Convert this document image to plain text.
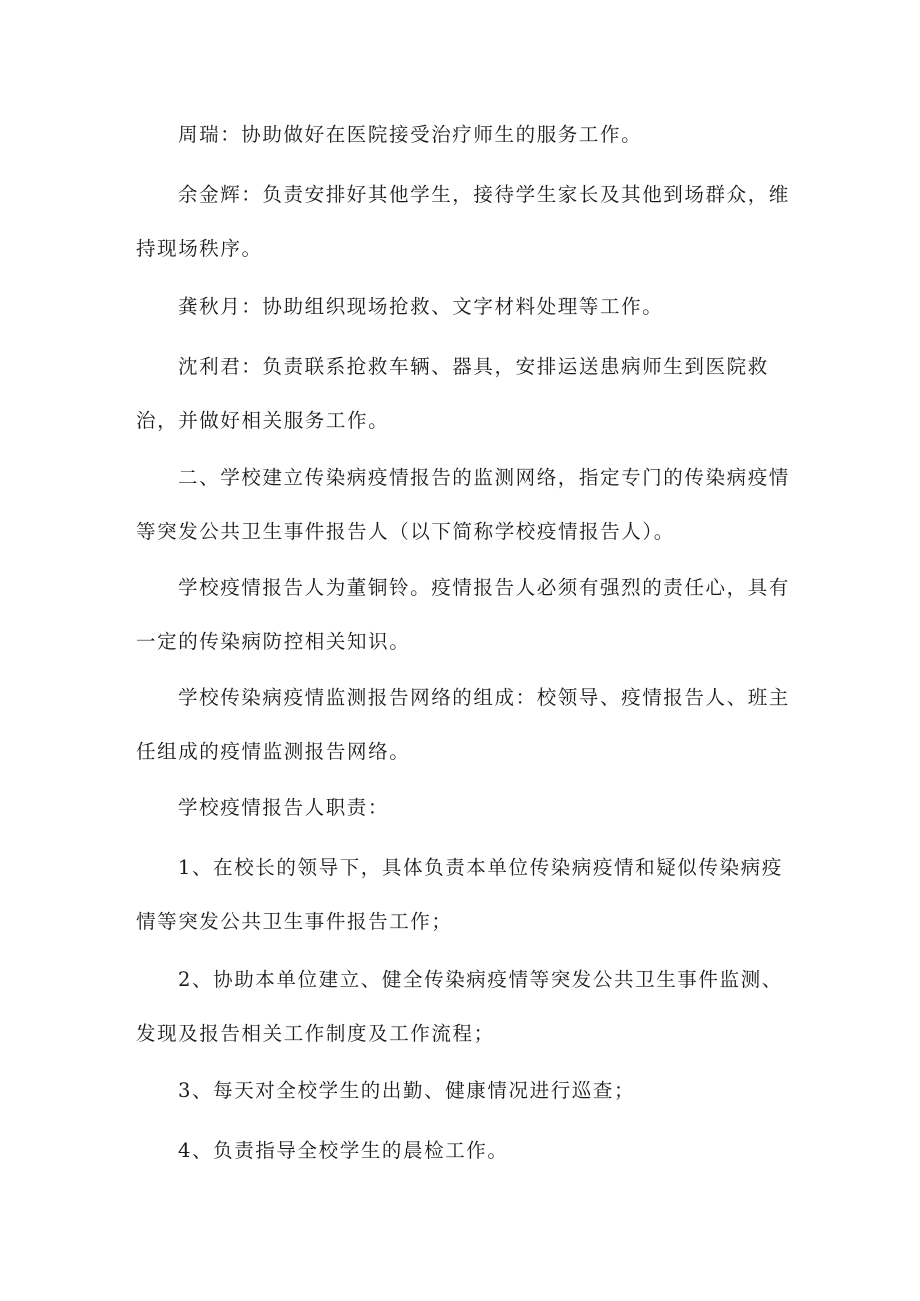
周瑞：协助做好在医院接受治疗师生的服务工作。

余金辉：负责安排好其他学生，接待学生家长及其他到场群众，维持现场秩序。

龚秋月：协助组织现场抢救、文字材料处理等工作。

沈利君：负责联系抢救车辆、器具，安排运送患病师生到医院救治，并做好相关服务工作。

二、学校建立传染病疫情报告的监测网络，指定专门的传染病疫情等突发公共卫生事件报告人（以下简称学校疫情报告人）。

学校疫情报告人为董铜铃。疫情报告人必须有强烈的责任心，具有一定的传染病防控相关知识。

学校传染病疫情监测报告网络的组成：校领导、疫情报告人、班主任组成的疫情监测报告网络。

学校疫情报告人职责：

1、在校长的领导下，具体负责本单位传染病疫情和疑似传染病疫情等突发公共卫生事件报告工作；

2、协助本单位建立、健全传染病疫情等突发公共卫生事件监测、发现及报告相关工作制度及工作流程；

3、每天对全校学生的出勤、健康情况进行巡查；

4、负责指导全校学生的晨检工作。
